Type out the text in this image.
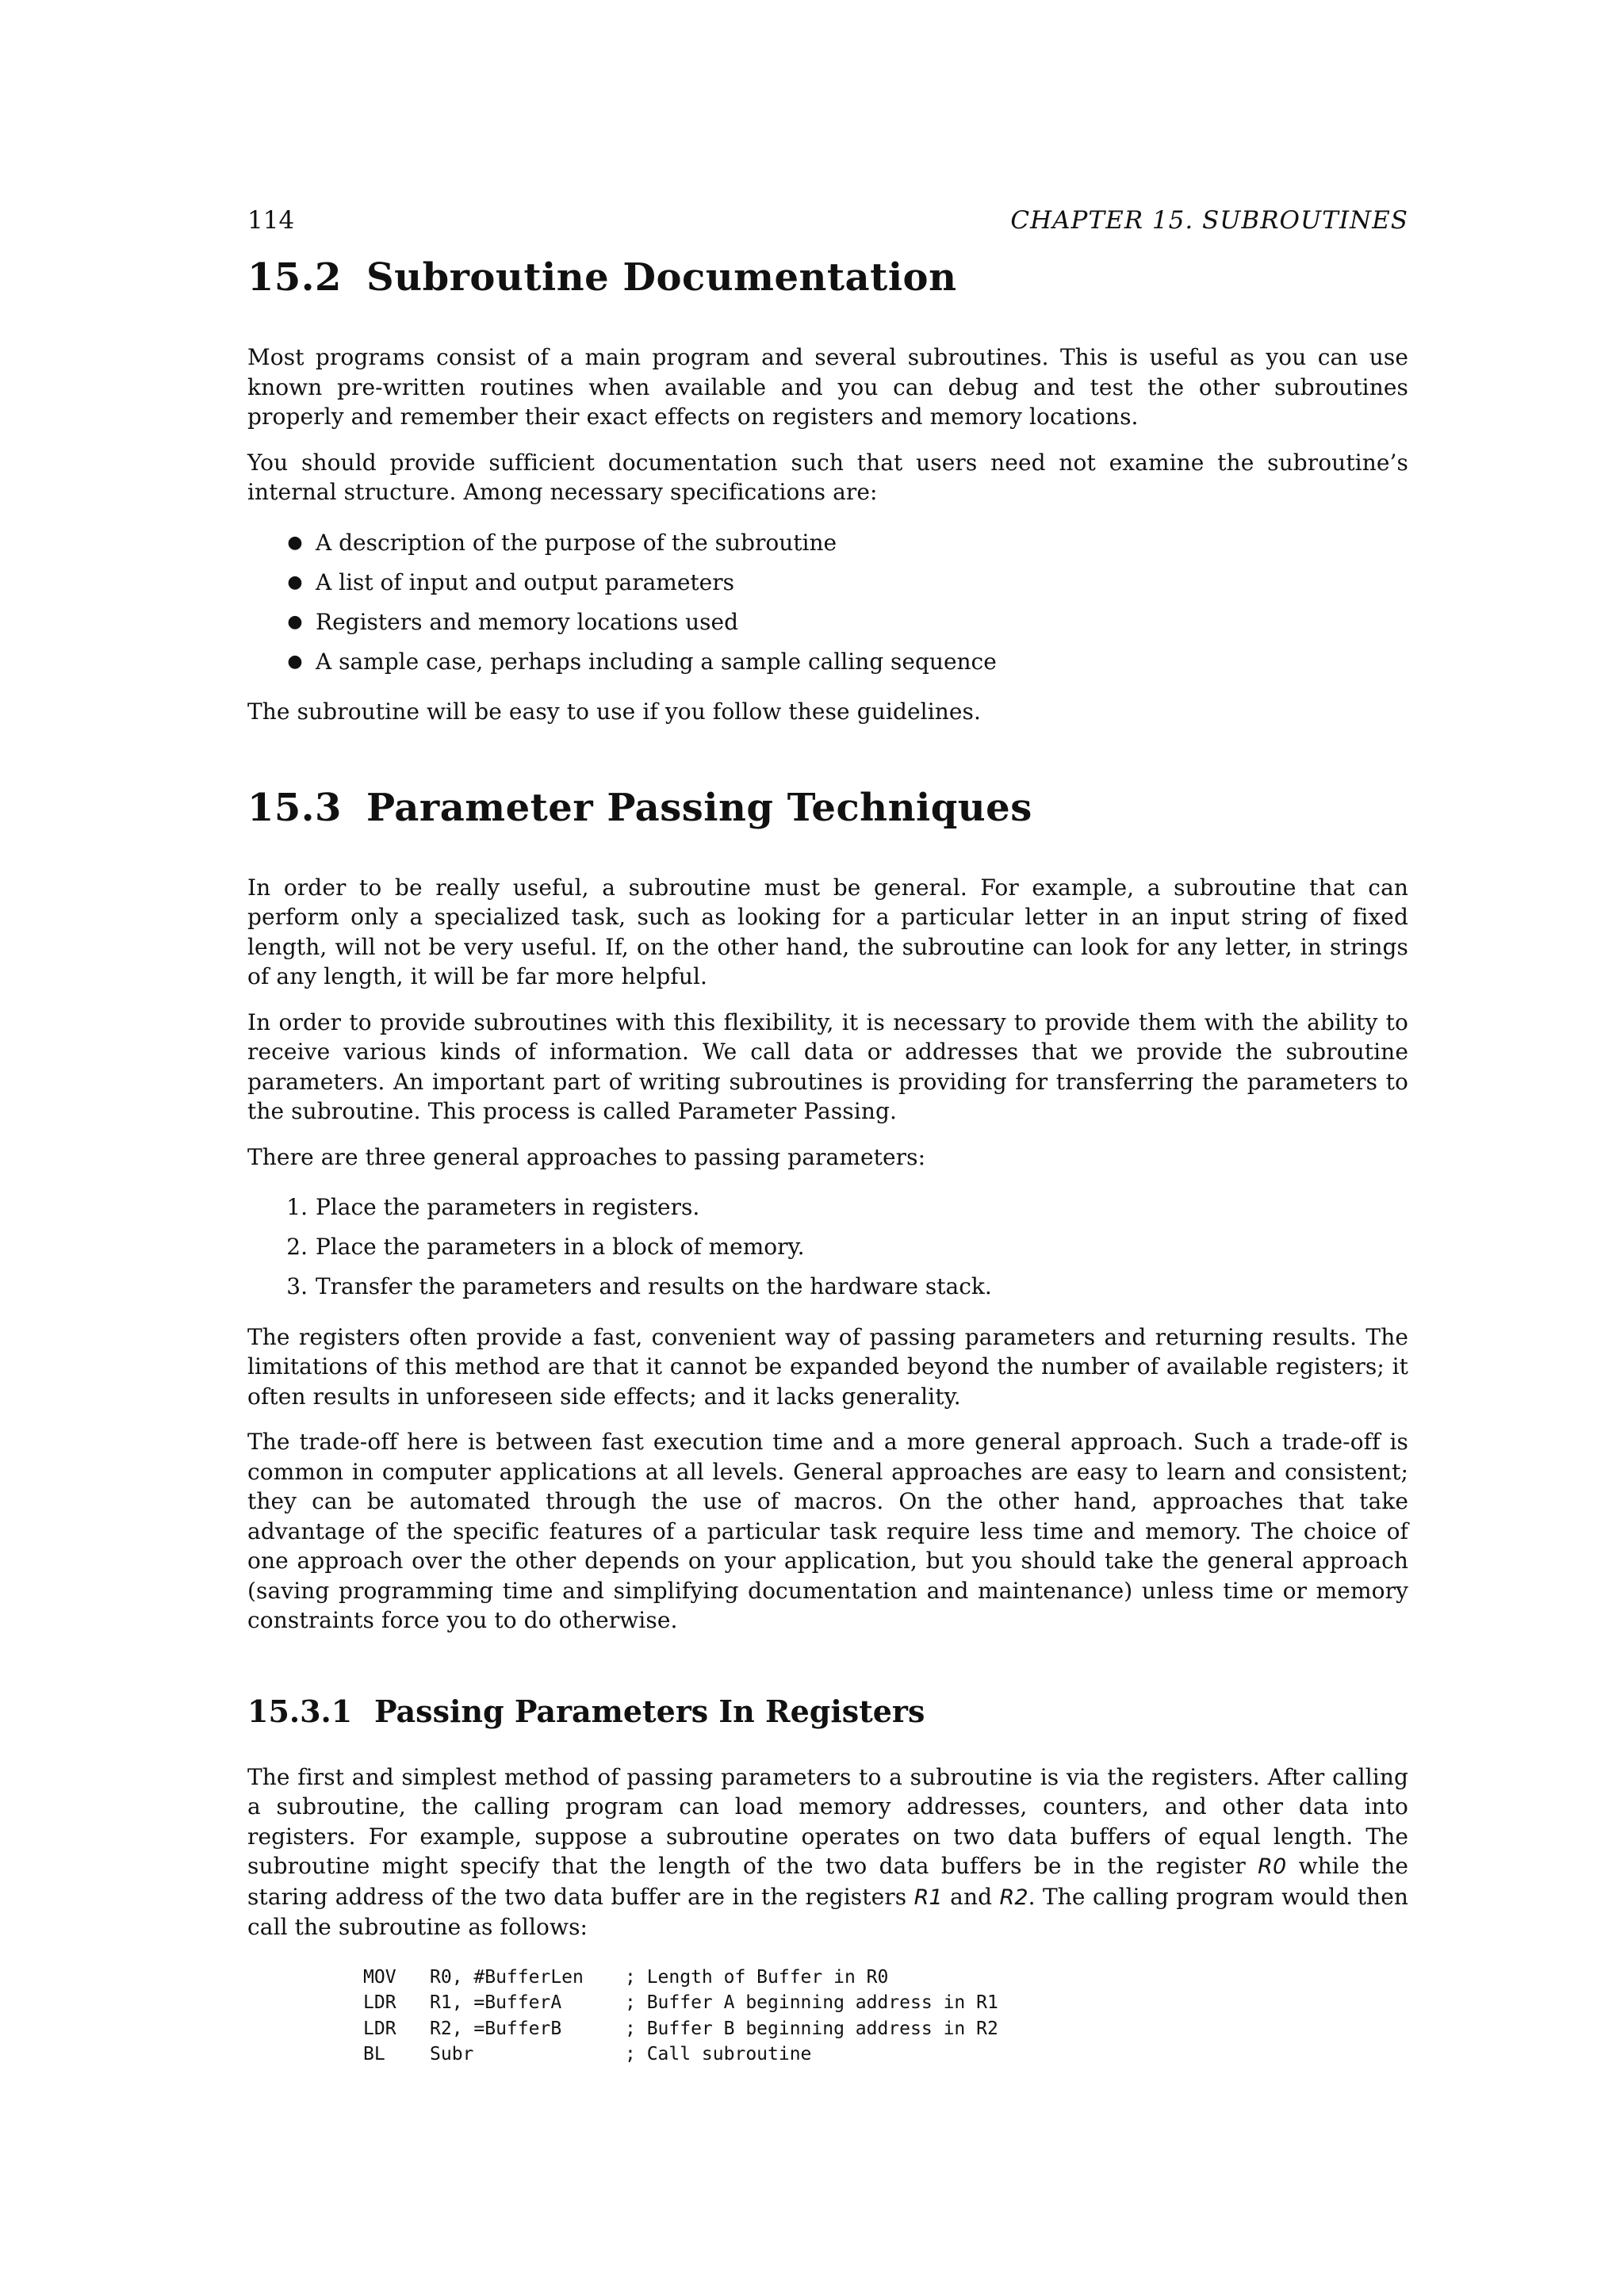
114	CHAPTER 15. SUBROUTINES
15.2 Subroutine Documentation

Most programs consist of a main program and several subroutines. This is useful as you can use known pre-written routines when available and you can debug and test the other subroutines properly and remember their exact effects on registers and memory locations.

You should provide sufficient documentation such that users need not examine the subroutine’s internal structure. Among necessary specifications are:

● A description of the purpose of the subroutine
● A list of input and output parameters
● Registers and memory locations used
● A sample case, perhaps including a sample calling sequence

The subroutine will be easy to use if you follow these guidelines.

15.3 Parameter Passing Techniques

In order to be really useful, a subroutine must be general. For example, a subroutine that can perform only a specialized task, such as looking for a particular letter in an input string of fixed length, will not be very useful. If, on the other hand, the subroutine can look for any letter, in strings of any length, it will be far more helpful.

In order to provide subroutines with this flexibility, it is necessary to provide them with the ability to receive various kinds of information. We call data or addresses that we provide the subroutine parameters. An important part of writing subroutines is providing for transferring the parameters to the subroutine. This process is called Parameter Passing.

There are three general approaches to passing parameters:

1. Place the parameters in registers.
2. Place the parameters in a block of memory.
3. Transfer the parameters and results on the hardware stack.

The registers often provide a fast, convenient way of passing parameters and returning results. The limitations of this method are that it cannot be expanded beyond the number of available registers; it often results in unforeseen side effects; and it lacks generality.

The trade-off here is between fast execution time and a more general approach. Such a trade-off is common in computer applications at all levels. General approaches are easy to learn and consistent; they can be automated through the use of macros. On the other hand, approaches that take advantage of the specific features of a particular task require less time and memory. The choice of one approach over the other depends on your application, but you should take the general approach (saving programming time and simplifying documentation and maintenance) unless time or memory constraints force you to do otherwise.

15.3.1 Passing Parameters In Registers

The first and simplest method of passing parameters to a subroutine is via the registers. After calling a subroutine, the calling program can load memory addresses, counters, and other data into registers. For example, suppose a subroutine operates on two data buffers of equal length. The subroutine might specify that the length of the two data buffers be in the register R0 while the staring address of the two data buffer are in the registers R1 and R2. The calling program would then call the subroutine as follows:

MOV R0, #BufferLen ; Length of Buffer in R0
LDR R1, =BufferA	; Buffer A beginning address in R1
LDR R2, =BufferB	; Buffer B beginning address in R2
BL Subr	; Call subroutine
